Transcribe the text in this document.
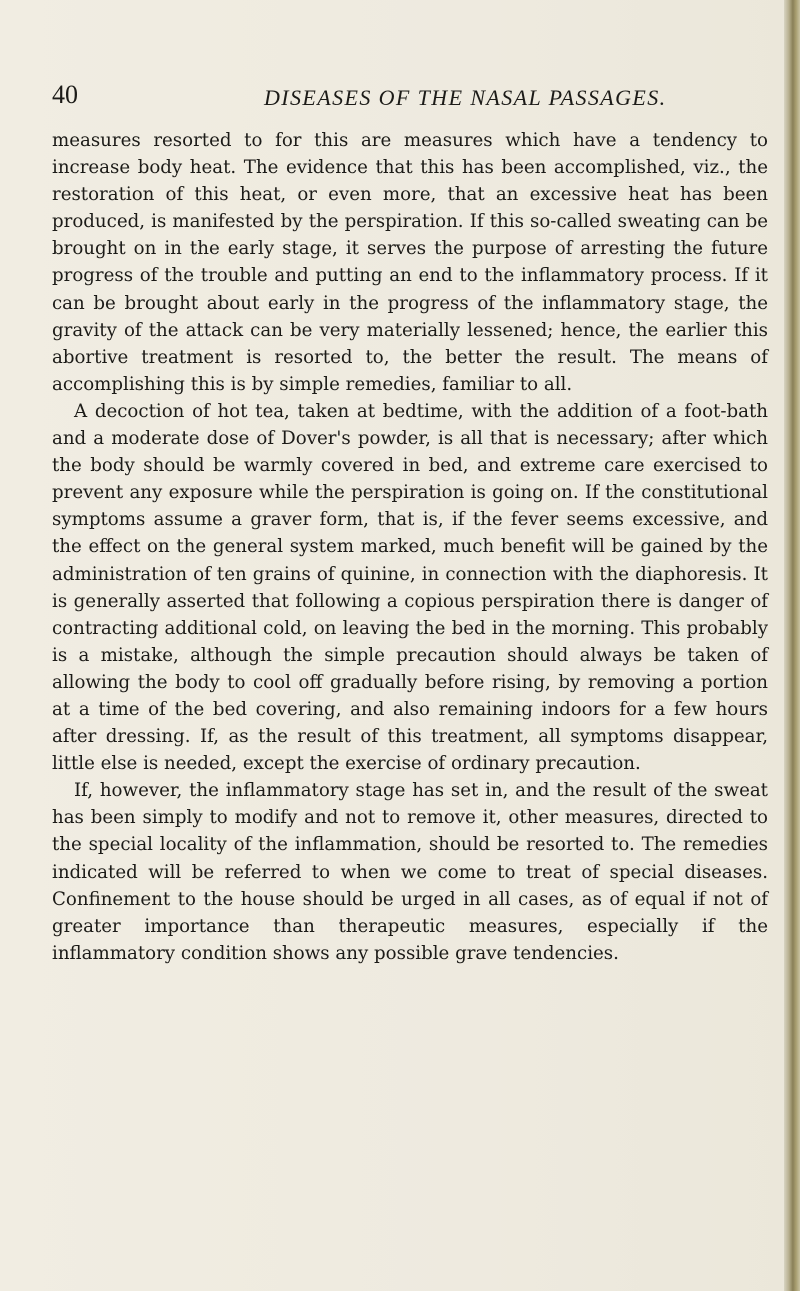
40	DISEASES OF THE NASAL PASSAGES.

measures resorted to for this are measures which have a tendency to increase body heat. The evidence that this has been accomplished, viz., the restoration of this heat, or even more, that an excessive heat has been produced, is manifested by the perspiration. If this so-called sweating can be brought on in the early stage, it serves the purpose of arresting the future progress of the trouble and putting an end to the inflammatory process. If it can be brought about early in the progress of the inflammatory stage, the gravity of the attack can be very materially lessened; hence, the earlier this abortive treatment is resorted to, the better the result. The means of accomplishing this is by simple remedies, familiar to all.

A decoction of hot tea, taken at bedtime, with the addition of a foot-bath and a moderate dose of Dover's powder, is all that is necessary; after which the body should be warmly covered in bed, and extreme care exercised to prevent any exposure while the perspiration is going on. If the constitutional symptoms assume a graver form, that is, if the fever seems excessive, and the effect on the general system marked, much benefit will be gained by the administration of ten grains of quinine, in connection with the diaphoresis. It is generally asserted that following a copious perspiration there is danger of contracting additional cold, on leaving the bed in the morning. This probably is a mistake, although the simple precaution should always be taken of allowing the body to cool off gradually before rising, by removing a portion at a time of the bed covering, and also remaining indoors for a few hours after dressing. If, as the result of this treatment, all symptoms disappear, little else is needed, except the exercise of ordinary precaution.

If, however, the inflammatory stage has set in, and the result of the sweat has been simply to modify and not to remove it, other measures, directed to the special locality of the inflammation, should be resorted to. The remedies indicated will be referred to when we come to treat of special diseases. Confinement to the house should be urged in all cases, as of equal if not of greater importance than therapeutic measures, especially if the inflammatory condition shows any possible grave tendencies.
